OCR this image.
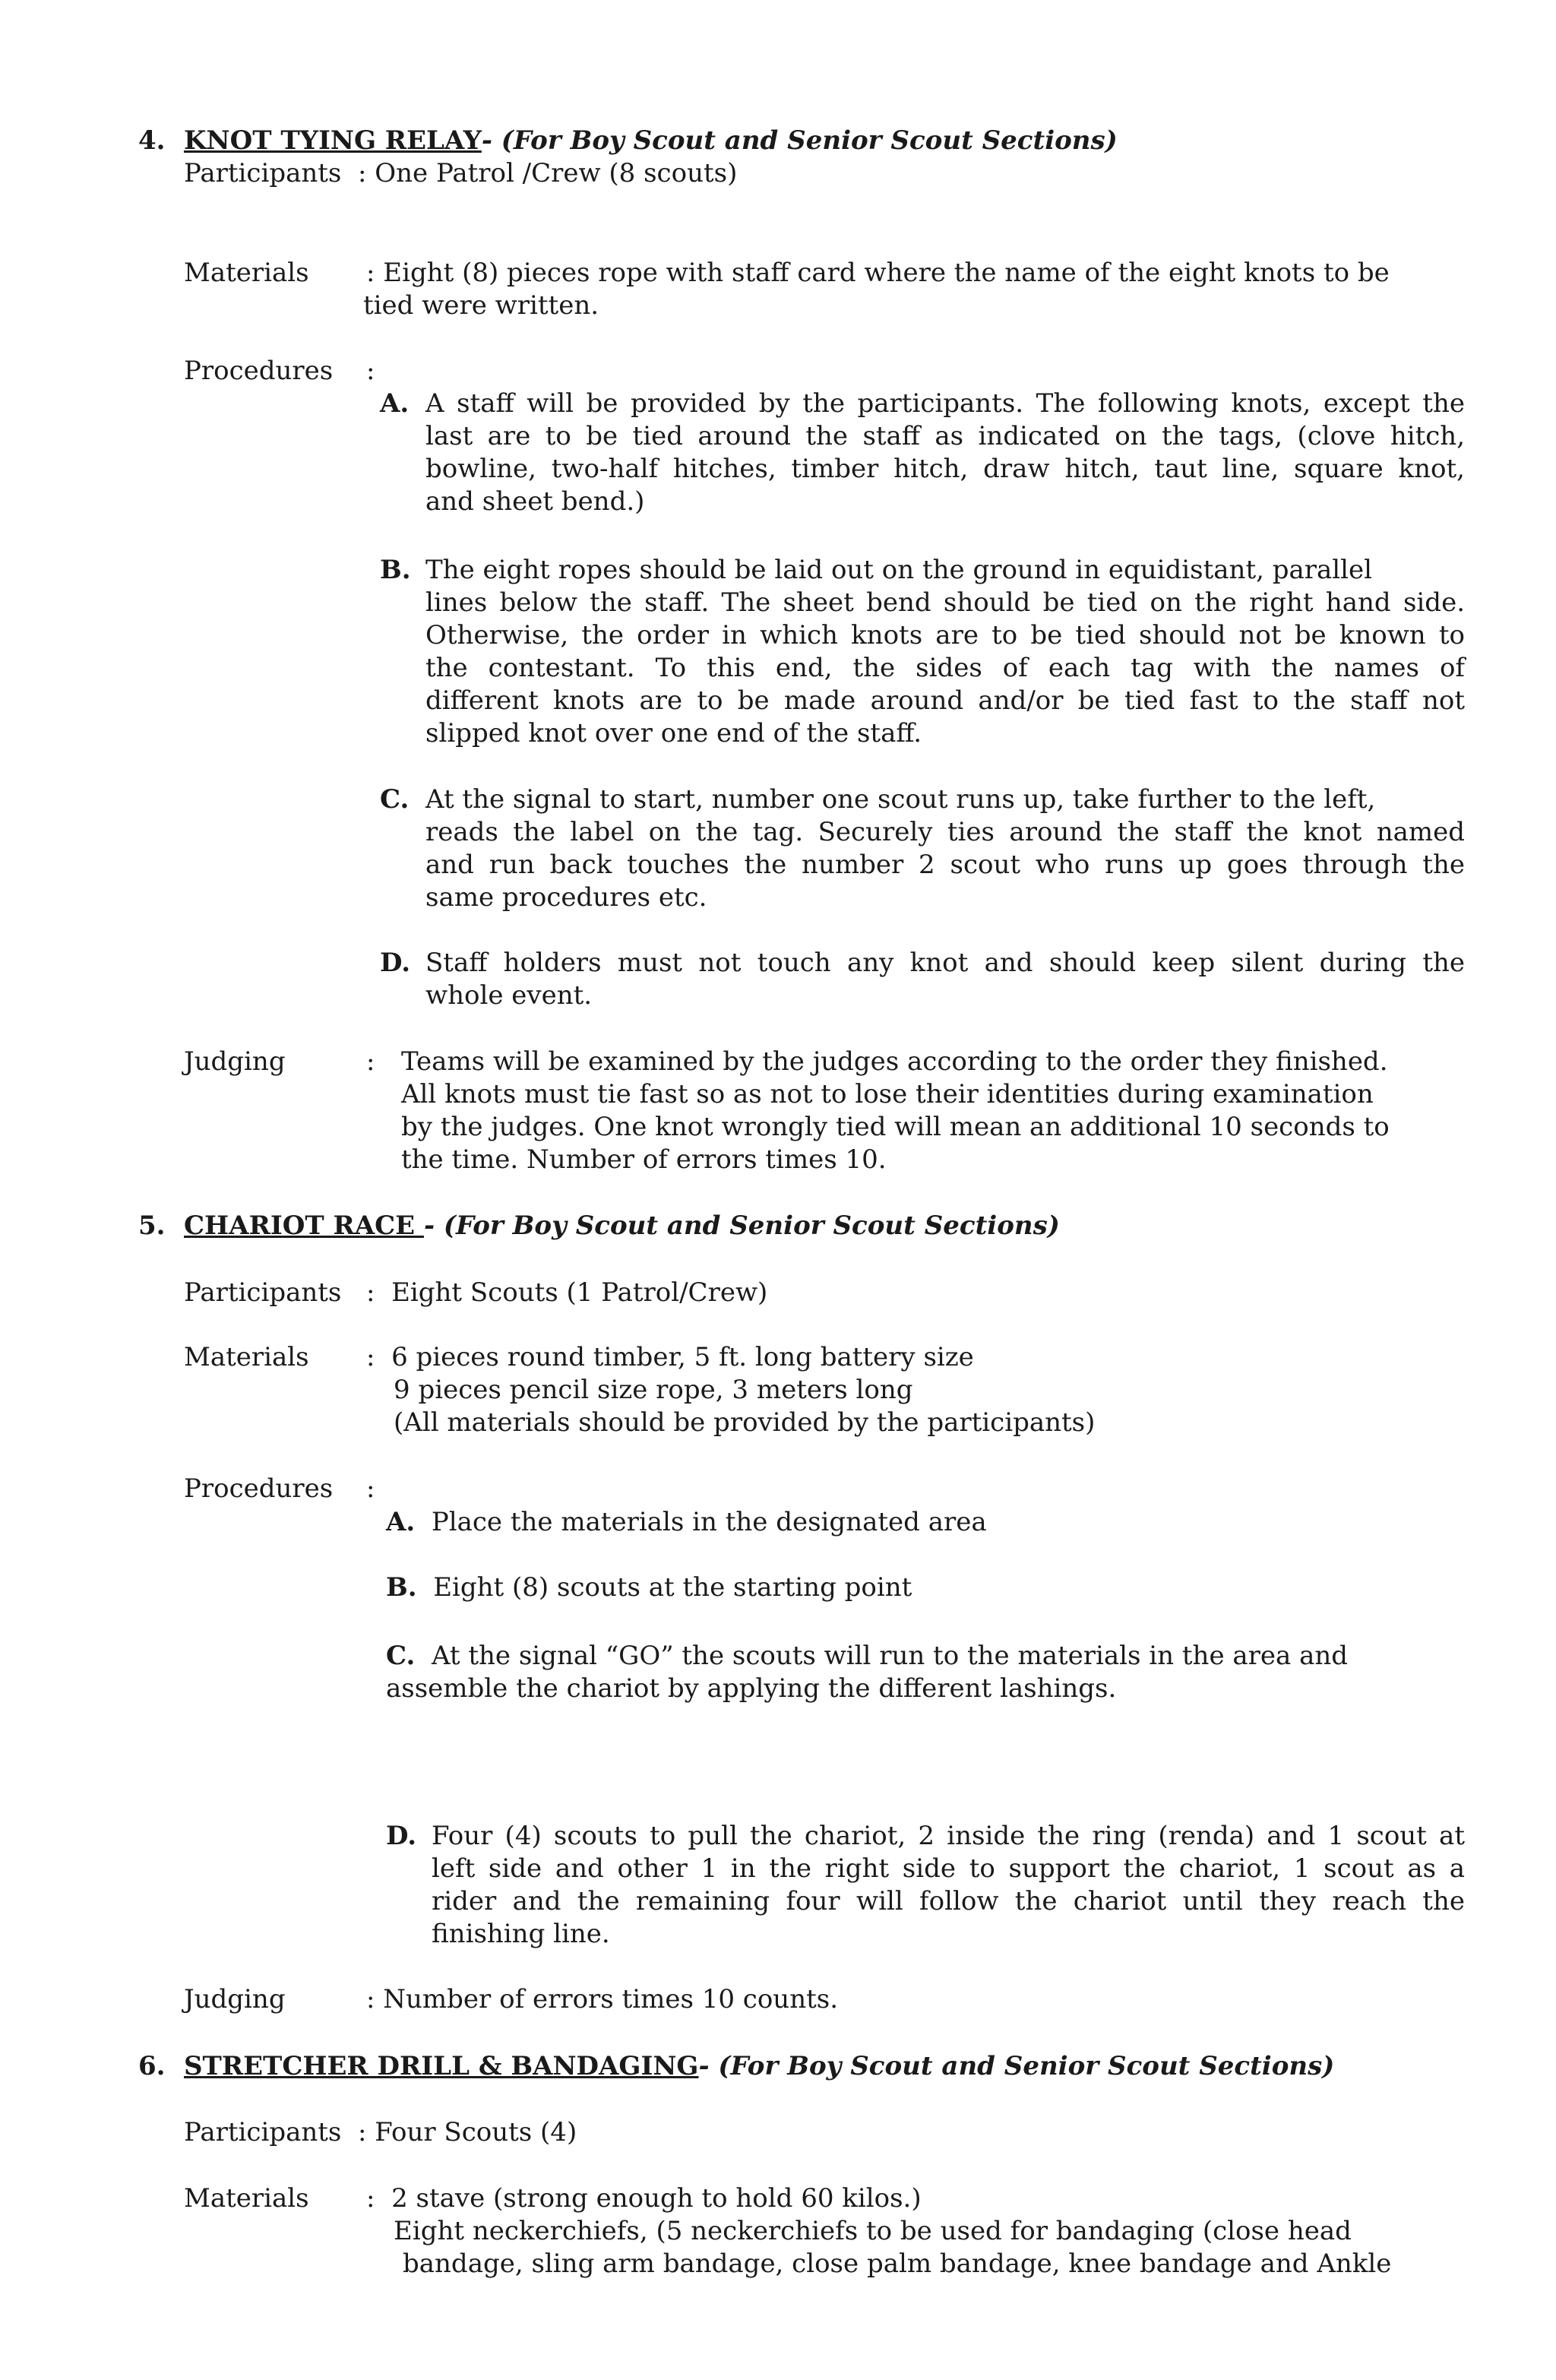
4. KNOT TYING RELAY- (For Boy Scout and Senior Scout Sections)
Participants : One Patrol /Crew (8 scouts)
Materials : Eight (8) pieces rope with staff card where the name of the eight knots to be
tied were written.
Procedures :
A. A staff will be provided by the participants. The following knots, except the
last are to be tied around the staff as indicated on the tags, (clove hitch,
bowline, two-half hitches, timber hitch, draw hitch, taut line, square knot,
and sheet bend.)
B. The eight ropes should be laid out on the ground in equidistant, parallel
lines below the staff. The sheet bend should be tied on the right hand side.
Otherwise, the order in which knots are to be tied should not be known to
the contestant. To this end, the sides of each tag with the names of
different knots are to be made around and/or be tied fast to the staff not
slipped knot over one end of the staff.
C. At the signal to start, number one scout runs up, take further to the left,
reads the label on the tag. Securely ties around the staff the knot named
and run back touches the number 2 scout who runs up goes through the
same procedures etc.
D. Staff holders must not touch any knot and should keep silent during the
whole event.
Judging	: Teams will be examined by the judges according to the order they finished.
All knots must tie fast so as not to lose their identities during examination
by the judges. One knot wrongly tied will mean an additional 10 seconds to
the time. Number of errors times 10.
5. CHARIOT RACE - (For Boy Scout and Senior Scout Sections)
Participants :  Eight Scouts (1 Patrol/Crew)
Materials :  6 pieces round timber, 5 ft. long battery size
9 pieces pencil size rope, 3 meters long
(All materials should be provided by the participants)
Procedures :
A. Place the materials in the designated area
B. Eight (8) scouts at the starting point
C. At the signal “GO” the scouts will run to the materials in the area and
assemble the chariot by applying the different lashings.
D. Four (4) scouts to pull the chariot, 2 inside the ring (renda) and 1 scout at
left side and other 1 in the right side to support the chariot, 1 scout as a
rider and the remaining four will follow the chariot until they reach the
finishing line.
Judging	: Number of errors times 10 counts.
6. STRETCHER DRILL & BANDAGING- (For Boy Scout and Senior Scout Sections)
Participants : Four Scouts (4)
Materials :  2 stave (strong enough to hold 60 kilos.)
Eight neckerchiefs, (5 neckerchiefs to be used for bandaging (close head
bandage, sling arm bandage, close palm bandage, knee bandage and Ankle
